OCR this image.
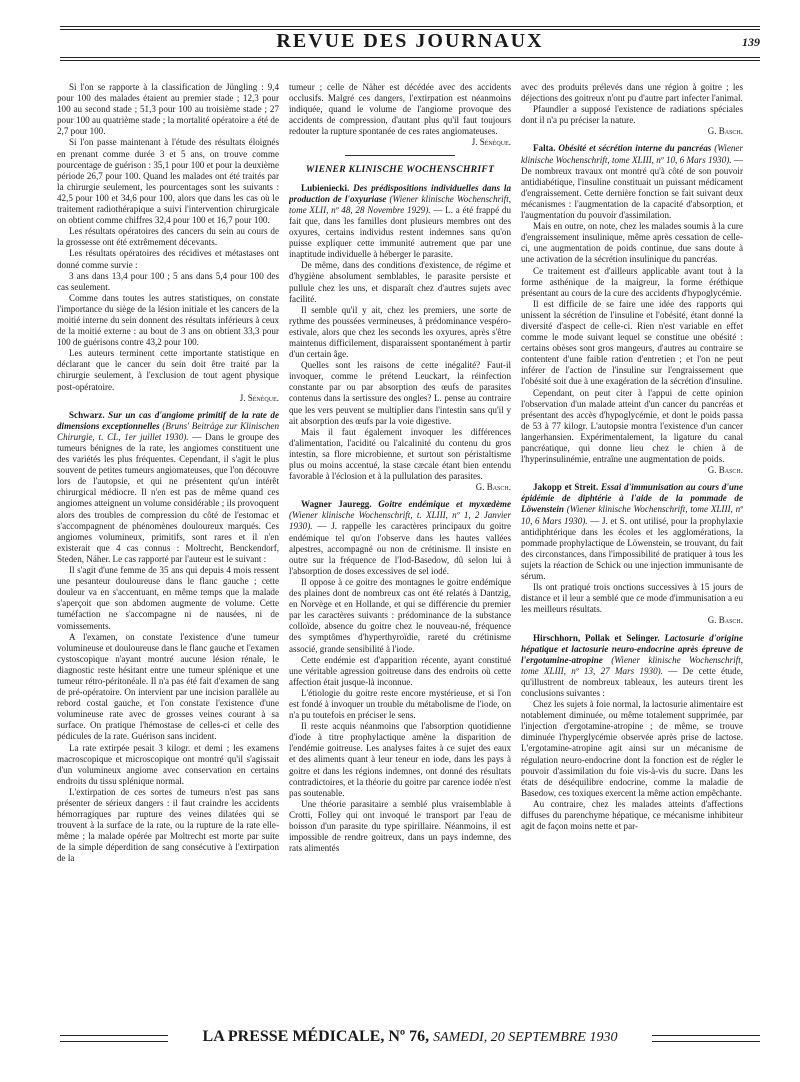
REVUE DES JOURNAUX	139

Si l'on se rapporte à la classification de Jüngling : 9,4 pour 100 des malades étaient au premier stade ; 12,3 pour 100 au second stade ; 51,3 pour 100 au troisième stade ; 27 pour 100 au quatrième stade ; la mortalité opératoire a été de 2,7 pour 100.

Si l'on passe maintenant à l'étude des résultats éloignés en prenant comme durée 3 et 5 ans, on trouve comme pourcentage de guérison : 35,1 pour 100 et pour la deuxième période 26,7 pour 100. Quand les malades ont été traités par la chirurgie seulement, les pourcentages sont les suivants : 42,5 pour 100 et 34,6 pour 100, alors que dans les cas où le traitement radiothérapique a suivi l'intervention chirurgicale on obtient comme chiffres 32,4 pour 100 et 16,7 pour 100.

Les résultats opératoires des cancers du sein au cours de la grossesse ont été extrêmement décevants.

Les résultats opératoires des récidives et métastases ont donné comme survie :

3 ans dans 13,4 pour 100 ; 5 ans dans 5,4 pour 100 des cas seulement.

Comme dans toutes les autres statistiques, on constate l'importance du siège de la lésion initiale et les cancers de la moitié interne du sein donnent des résultats inférieurs à ceux de la moitié externe : au bout de 3 ans on obtient 33,3 pour 100 de guérisons contre 43,2 pour 100.

Les auteurs terminent cette importante statistique en déclarant que le cancer du sein doit être traité par la chirurgie seulement, à l'exclusion de tout agent physique post-opératoire.

J. Sénèque.

Schwarz. Sur un cas d'angiome primitif de la rate de dimensions exceptionnelles (Bruns' Beiträge zur Klinischen Chirurgie, t. CL, 1er juillet 1930). — Dans le groupe des tumeurs bénignes de la rate, les angiomes constituent une des variétés les plus fréquentes. Cependant, il s'agit le plus souvent de petites tumeurs angiomateuses, que l'on découvre lors de l'autopsie, et qui ne présentent qu'un intérêt chirurgical médiocre. Il n'en est pas de même quand ces angiomes atteignent un volume considérable ; ils provoquent alors des troubles de compression du côté de l'estomac et s'accompagnent de phénomènes douloureux marqués. Ces angiomes volumineux, primitifs, sont rares et il n'en existerait que 4 cas connus : Moltrecht, Benckendorf, Steden, Näher. Le cas rapporté par l'auteur est le suivant :

Il s'agit d'une femme de 35 ans qui depuis 4 mois ressent une pesanteur douloureuse dans le flanc gauche ; cette douleur va en s'accentuant, en même temps que la malade s'aperçoit que son abdomen augmente de volume. Cette tuméfaction ne s'accompagne ni de nausées, ni de vomissements.

A l'examen, on constate l'existence d'une tumeur volumineuse et douloureuse dans le flanc gauche et l'examen cystoscopique n'ayant montré aucune lésion rénale, le diagnostic reste hésitant entre une tumeur splénique et une tumeur rétro-péritonéale. Il n'a pas été fait d'examen de sang de pré-opératoire. On intervient par une incision parallèle au rebord costal gauche, et l'on constate l'existence d'une volumineuse rate avec de grosses veines courant à sa surface. On pratique l'hémostase de celles-ci et celle des pédicules de la rate. Guérison sans incident.

La rate extirpée pesait 3 kilogr. et demi ; les examens macroscopique et microscopique ont montré qu'il s'agissait d'un volumineux angiome avec conservation en certains endroits du tissu splénique normal.

L'extirpation de ces sortes de tumeurs n'est pas sans présenter de sérieux dangers : il faut craindre les accidents hémorragiques par rupture des veines dilatées qui se trouvent à la surface de la rate, ou la rupture de la rate elle-même ; la malade opérée par Moltrecht est morte par suite de la simple déperdition de sang consécutive à l'extirpation de la

tumeur ; celle de Näher est décédée avec des accidents occlusifs. Malgré ces dangers, l'extirpation est néanmoins indiquée, quand le volume de l'angiome provoque des accidents de compression, d'autant plus qu'il faut toujours redouter la rupture spontanée de ces rates angiomateuses.

J. Sénèque.

WIENER KLINISCHE WOCHENSCHRIFT

Lubieniecki. Des prédispositions individuelles dans la production de l'oxyuriase (Wiener klinische Wochenschrift, tome XLII, nº 48, 28 Novembre 1929). — L. a été frappé du fait que, dans les familles dont plusieurs membres ont des oxyures, certains individus restent indemnes sans qu'on puisse expliquer cette immunité autrement que par une inaptitude individuelle à héberger le parasite.

De même, dans des conditions d'existence, de régime et d'hygiène absolument semblables, le parasite persiste et pullule chez les uns, et disparaît chez d'autres sujets avec facilité.

Il semble qu'il y ait, chez les premiers, une sorte de rythme des poussées vermineuses, à prédominance vespéro-estivale, alors que chez les seconds les oxyures, après s'être maintenus difficilement, disparaissent spontanément à partir d'un certain âge.

Quelles sont les raisons de cette inégalité? Faut-il invoquer, comme le prétend Leuckart, la réinfection constante par ou par absorption des œufs de parasites contenus dans la sertissure des ongles? L. pense au contraire que les vers peuvent se multiplier dans l'intestin sans qu'il y ait absorption des œufs par la voie digestive.

Mais il faut également invoquer les différences d'alimentation, l'acidité ou l'alcalinité du contenu du gros intestin, sa flore microbienne, et surtout son péristaltisme plus ou moins accentué, la stase cæcale étant bien entendu favorable à l'éclosion et à la pullulation des parasites.

G. Basch.

Wagner Jauregg. Goitre endémique et myxœdème (Wiener klinische Wochenschrift, t. XLIII, nº 1, 2 Janvier 1930). — J. rappelle les caractères principaux du goitre endémique tel qu'on l'observe dans les hautes vallées alpestres, accompagné ou non de crétinisme. Il insiste en outre sur la fréquence de l'Iod-Basedow, dû selon lui à l'absorption de doses excessives de sel iodé.

Il oppose à ce goitre des montagnes le goitre endémique des plaines dont de nombreux cas ont été relatés à Dantzig, en Norvège et en Hollande, et qui se différencie du premier par les caractères suivants : prédominance de la substance colloïde, absence du goitre chez le nouveau-né, fréquence des symptômes d'hyperthyroïdie, rareté du crétinisme associé, grande sensibilité à l'iode.

Cette endémie est d'apparition récente, ayant constitué une véritable agression goitreuse dans des endroits où cette affection était jusque-là inconnue.

L'étiologie du goitre reste encore mystérieuse, et si l'on est fondé à invoquer un trouble du métabolisme de l'iode, on n'a pu toutefois en préciser le sens.

Il reste acquis néanmoins que l'absorption quotidienne d'iode à titre prophylactique amène la disparition de l'endémie goitreuse. Les analyses faites à ce sujet des eaux et des aliments quant à leur teneur en iode, dans les pays à goitre et dans les régions indemnes, ont donné des résultats contradictoires, et la théorie du goitre par carence iodée n'est pas soutenable.

Une théorie parasitaire a semblé plus vraisemblable à Crotti, Folley qui ont invoqué le transport par l'eau de boisson d'un parasite du type spirillaire. Néanmoins, il est impossible de rendre goitreux, dans un pays indemne, des rats alimentés

avec des produits prélevés dans une région à goitre ; les déjections des goitreux n'ont pu d'autre part infecter l'animal.

Pfaundler a supposé l'existence de radiations spéciales dont il n'a pu préciser la nature.

G. Basch.

Falta. Obésité et sécrétion interne du pancréas (Wiener klinische Wochenschrift, tome XLIII, nº 10, 6 Mars 1930). — De nombreux travaux ont montré qu'à côté de son pouvoir antidiabétique, l'insuline constituait un puissant médicament d'engraissement. Cette dernière fonction se fait suivant deux mécanismes : l'augmentation de la capacité d'absorption, et l'augmentation du pouvoir d'assimilation.

Mais en outre, on note, chez les malades soumis à la cure d'engraissement insulinique, même après cessation de celle-ci, une augmentation de poids continue, due sans doute à une activation de la sécrétion insulinique du pancréas.

Ce traitement est d'ailleurs applicable avant tout à la forme asthénique de la maigreur, la forme éréthique présentant au cours de la cure des accidents d'hypoglycémie.

Il est difficile de se faire une idée des rapports qui unissent la sécrétion de l'insuline et l'obésité, étant donné la diversité d'aspect de celle-ci. Rien n'est variable en effet comme le mode suivant lequel se constitue une obésité : certains obèses sont gros mangeurs, d'autres au contraire se contentent d'une faible ration d'entretien ; et l'on ne peut inférer de l'action de l'insuline sur l'engraissement que l'obésité soit due à une exagération de la sécrétion d'insuline.

Cependant, on peut citer à l'appui de cette opinion l'observation d'un malade atteint d'un cancer du pancréas et présentant des accès d'hypoglycémie, et dont le poids passa de 53 à 77 kilogr. L'autopsie montra l'existence d'un cancer langerhansien. Expérimentalement, la ligature du canal pancréatique, qui donne lieu chez le chien à de l'hyperinsulinémie, entraîne une augmentation de poids.

G. Basch.

Jakopp et Streit. Essai d'immunisation au cours d'une épidémie de diphtérie à l'aide de la pommade de Löwenstein (Wiener klinische Wochenschrift, tome XLIII, nº 10, 6 Mars 1930). — J. et S. ont utilisé, pour la prophylaxie antidiphtérique dans les écoles et les agglomérations, la pommade prophylactique de Löwenstein, se trouvant, du fait des circonstances, dans l'impossibilité de pratiquer à tous les sujets la réaction de Schick ou une injection immunisante de sérum.

Ils ont pratiqué trois onctions successives à 15 jours de distance et il leur a semblé que ce mode d'immunisation a eu les meilleurs résultats.

G. Basch.

Hirschhorn, Pollak et Selinger. Lactosurie d'origine hépatique et lactosurie neuro-endocrine après épreuve de l'ergotamine-atropine (Wiener klinische Wochenschrift, tome XLIII, nº 13, 27 Mars 1930). — De cette étude, qu'illustrent de nombreux tableaux, les auteurs tirent les conclusions suivantes :

Chez les sujets à foie normal, la lactosurie alimentaire est notablement diminuée, ou même totalement supprimée, par l'injection d'ergotamine-atropine ; de même, se trouve diminuée l'hyperglycémie observée après prise de lactose. L'ergotamine-atropine agit ainsi sur un mécanisme de régulation neuro-endocrine dont la fonction est de régler le pouvoir d'assimilation du foie vis-à-vis du sucre. Dans les états de déséquilibre endocrine, comme la maladie de Basedow, ces toxiques exercent la même action empêchante.

Au contraire, chez les malades atteints d'affections diffuses du parenchyme hépatique, ce mécanisme inhibiteur agit de façon moins nette et par-

LA PRESSE MÉDICALE, Nº 76, SAMEDI, 20 SEPTEMBRE 1930
